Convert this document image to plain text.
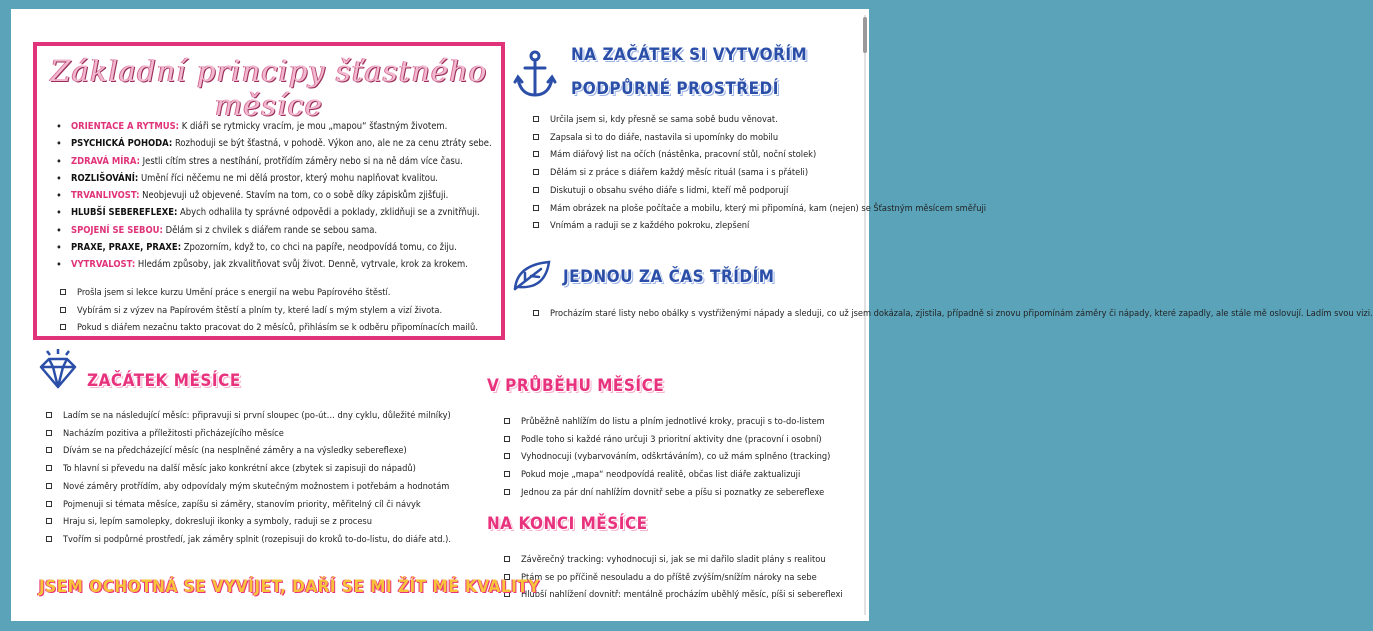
Základní principy šťastného měsíce
• ORIENTACE A RYTMUS: K diáři se rytmicky vracím, je mou „mapou“ šťastným životem.
• PSYCHICKÁ POHODA: Rozhoduji se být šťastná, v pohodě. Výkon ano, ale ne za cenu ztráty sebe.
• ZDRAVÁ MÍRA: Jestli cítím stres a nestíhání, protřídím záměry nebo si na ně dám více času.
• ROZLIŠOVÁNÍ: Umění říci něčemu ne mi dělá prostor, který mohu naplňovat kvalitou.
• TRVANLIVOST: Neobjevuji už objevené. Stavím na tom, co o sobě díky zápiskům zjišťuji.
• HLUBŠÍ SEBEREFLEXE: Abych odhalila ty správné odpovědi a poklady, zklidňuji se a zvnitřňuji.
• SPOJENÍ SE SEBOU: Dělám si z chvilek s diářem rande se sebou sama.
• PRAXE, PRAXE, PRAXE: Zpozorním, když to, co chci na papíře, neodpovídá tomu, co žiju.
• VYTRVALOST: Hledám způsoby, jak zkvalitňovat svůj život. Denně, vytrvale, krok za krokem.
Prošla jsem si lekce kurzu Umění práce s energií na webu Papírového štěstí.
Vybírám si z výzev na Papírovém štěstí a plním ty, které ladí s mým stylem a vizí života.
Pokud s diářem nezačnu takto pracovat do 2 měsíců, přihlásím se k odběru připomínacích mailů.
NA ZAČÁTEK SI VYTVOŘÍM
PODPŮRNÉ PROSTŘEDÍ
Určila jsem si, kdy přesně se sama sobě budu věnovat.
Zapsala si to do diáře, nastavila si upomínky do mobilu
Mám diářový list na očích (nástěnka, pracovní stůl, noční stolek)
Dělám si z práce s diářem každý měsíc rituál (sama i s přáteli)
Diskutuji o obsahu svého diáře s lidmi, kteří mě podporují
Mám obrázek na ploše počítače a mobilu, který mi připomíná, kam (nejen) se Šťastným měsícem směřuji
Vnímám a raduji se z každého pokroku, zlepšení
JEDNOU ZA ČAS TŘÍDÍM
Procházím staré listy nebo obálky s vystřiženými nápady a sleduji, co už jsem dokázala, zjistila, případně si znovu připomínám záměry či nápady, které zapadly, ale stále mě oslovují. Ladím svou vizi.
ZAČÁTEK MĚSÍCE
Ladím se na následující měsíc: připravuji si první sloupec (po-út… dny cyklu, důležité milníky)
Nacházím pozitiva a příležitosti přicházejícího měsíce
Dívám se na předcházející měsíc (na nesplněné záměry a na výsledky sebereflexe)
To hlavní si převedu na další měsíc jako konkrétní akce (zbytek si zapisuji do nápadů)
Nové záměry protřídím, aby odpovídaly mým skutečným možnostem i potřebám a hodnotám
Pojmenuji si témata měsíce, zapíšu si záměry, stanovím priority, měřitelný cíl či návyk
Hraju si, lepím samolepky, dokresluji ikonky a symboly, raduji se z procesu
Tvořím si podpůrné prostředí, jak záměry splnit (rozepisuji do kroků to-do-listu, do diáře atd.).
V PRŮBĚHU MĚSÍCE
Průběžně nahlížím do listu a plním jednotlivé kroky, pracuji s to-do-listem
Podle toho si každé ráno určuji 3 prioritní aktivity dne (pracovní i osobní)
Vyhodnocuji (vybarvováním, odškrtáváním), co už mám splněno (tracking)
Pokud moje „mapa“ neodpovídá realitě, občas list diáře zaktualizuji
Jednou za pár dní nahlížím dovnitř sebe a píšu si poznatky ze sebereflexe
NA KONCI MĚSÍCE
Závěrečný tracking: vyhodnocuji si, jak se mi dařilo sladit plány s realitou
Ptám se po příčině nesouladu a do příště zvýším/snížím nároky na sebe
Hlubší nahlížení dovnitř: mentálně procházím uběhlý měsíc, píši si sebereflexi
JSEM OCHOTNÁ SE VYVÍJET, DAŘÍ SE MI ŽÍT MÉ KVALITY
